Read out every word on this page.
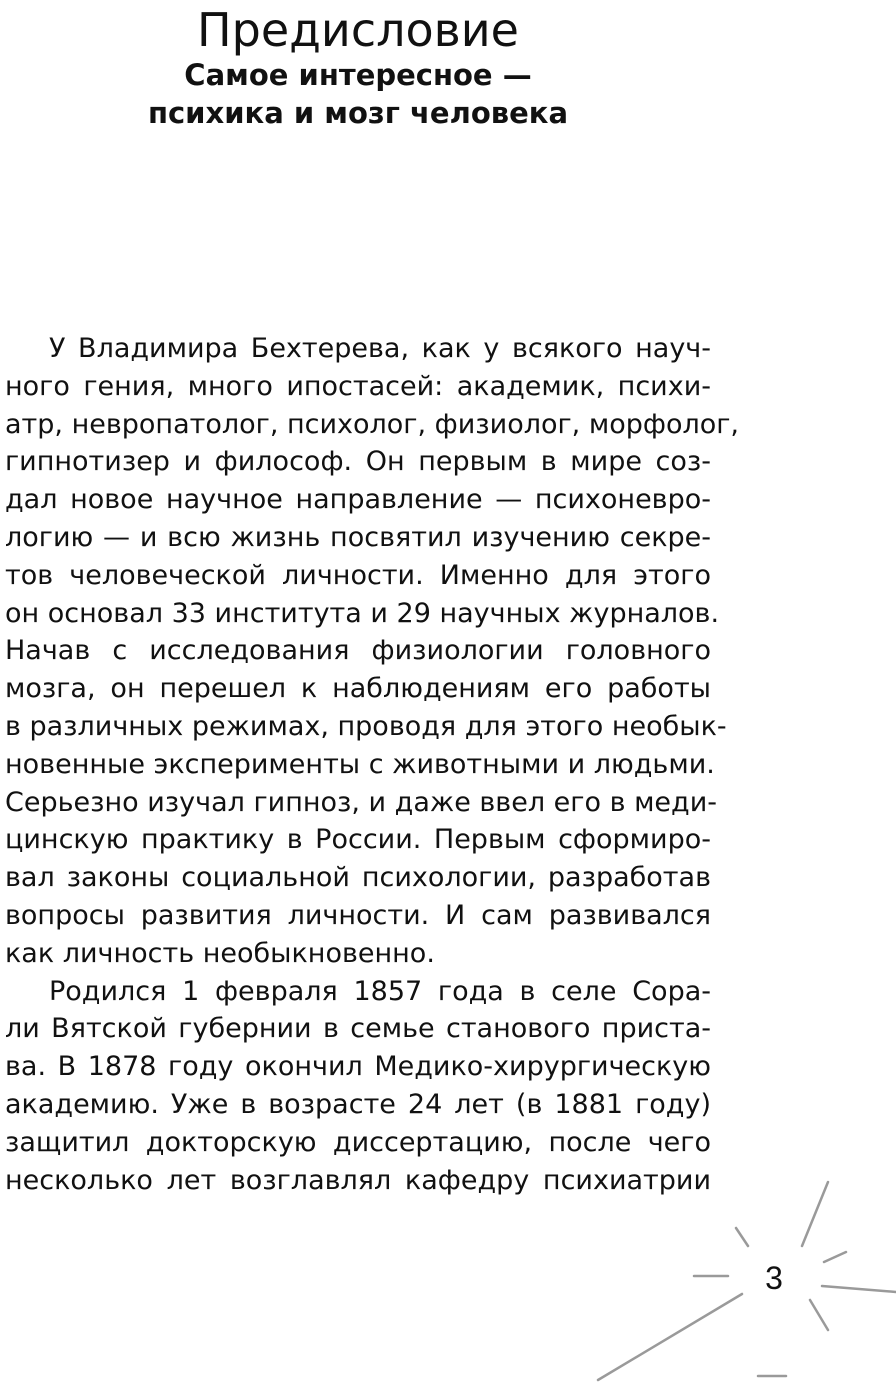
Предисловие
Самое интересное —
психика и мозг человека
У Владимира Бехтерева, как у всякого науч-
ного гения, много ипостасей: академик, психи-
атр, невропатолог, психолог, физиолог, морфолог,
гипнотизер и философ. Он первым в мире соз-
дал новое научное направление — психоневро-
логию — и всю жизнь посвятил изучению секре-
тов человеческой личности. Именно для этого
он основал 33 института и 29 научных журналов.
Начав с исследования физиологии головного
мозга, он перешел к наблюдениям его работы
в различных режимах, проводя для этого необык-
новенные эксперименты с животными и людьми.
Серьезно изучал гипноз, и даже ввел его в меди-
цинскую практику в России. Первым сформиро-
вал законы социальной психологии, разработав
вопросы развития личности. И сам развивался
как личность необыкновенно.
Родился 1 февраля 1857 года в селе Сора-
ли Вятской губернии в семье станового приста-
ва. В 1878 году окончил Медико-хирургическую
академию. Уже в возрасте 24 лет (в 1881 году)
защитил докторскую диссертацию, после чего
несколько лет возглавлял кафедру психиатрии
3
